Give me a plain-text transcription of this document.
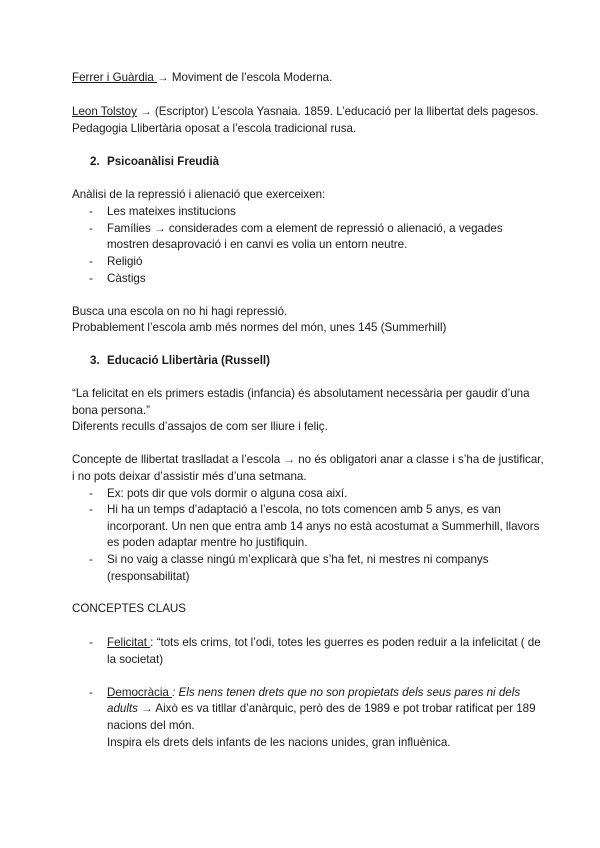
Ferrer i Guàrdia → Moviment de l’escola Moderna.
Leon Tolstoy → (Escriptor) L’escola Yasnaia. 1859. L’educació per la llibertat dels pagesos.
Pedagogia Llibertària oposat a l’escola tradicional rusa.
2. Psicoanàlisi Freudià
Anàlisi de la repressió i alienació que exerceixen:
- Les mateixes institucions
- Famílies → considerades com a element de repressió o alienació, a vegades
mostren desaprovació i en canvi es volia un entorn neutre.
- Religió
- Càstigs
Busca una escola on no hi hagi repressió.
Probablement l’escola amb més normes del món, unes 145 (Summerhill)
3. Educació Llibertària (Russell)
“La felicitat en els primers estadis (infancia) és absolutament necessària per gaudir d’una
bona persona.”
Diferents reculls d’assajos de com ser lliure i feliç.
Concepte de llibertat traslladat a l’escola → no és obligatori anar a classe i s’ha de justificar,
i no pots deixar d’assistir més d’una setmana.
- Ex: pots dir que vols dormir o alguna cosa així.
- Hi ha un temps d’adaptació a l’escola, no tots comencen amb 5 anys, es van
incorporant. Un nen que entra amb 14 anys no està acostumat a Summerhill, llavors
es poden adaptar mentre ho justifiquin.
- Si no vaig a classe ningú m’explicarà que s’ha fet, ni mestres ni companys
(responsabilitat)
CONCEPTES CLAUS
- Felicitat : “tots els crims, tot l’odi, totes les guerres es poden reduir a la infelicitat ( de
la societat)
- Democràcia : Els nens tenen drets que no son propietats dels seus pares ni dels
adults → Això es va titllar d’anàrquic, però des de 1989 e pot trobar ratificat per 189
nacions del món.
Inspira els drets dels infants de les nacions unides, gran influènica.
